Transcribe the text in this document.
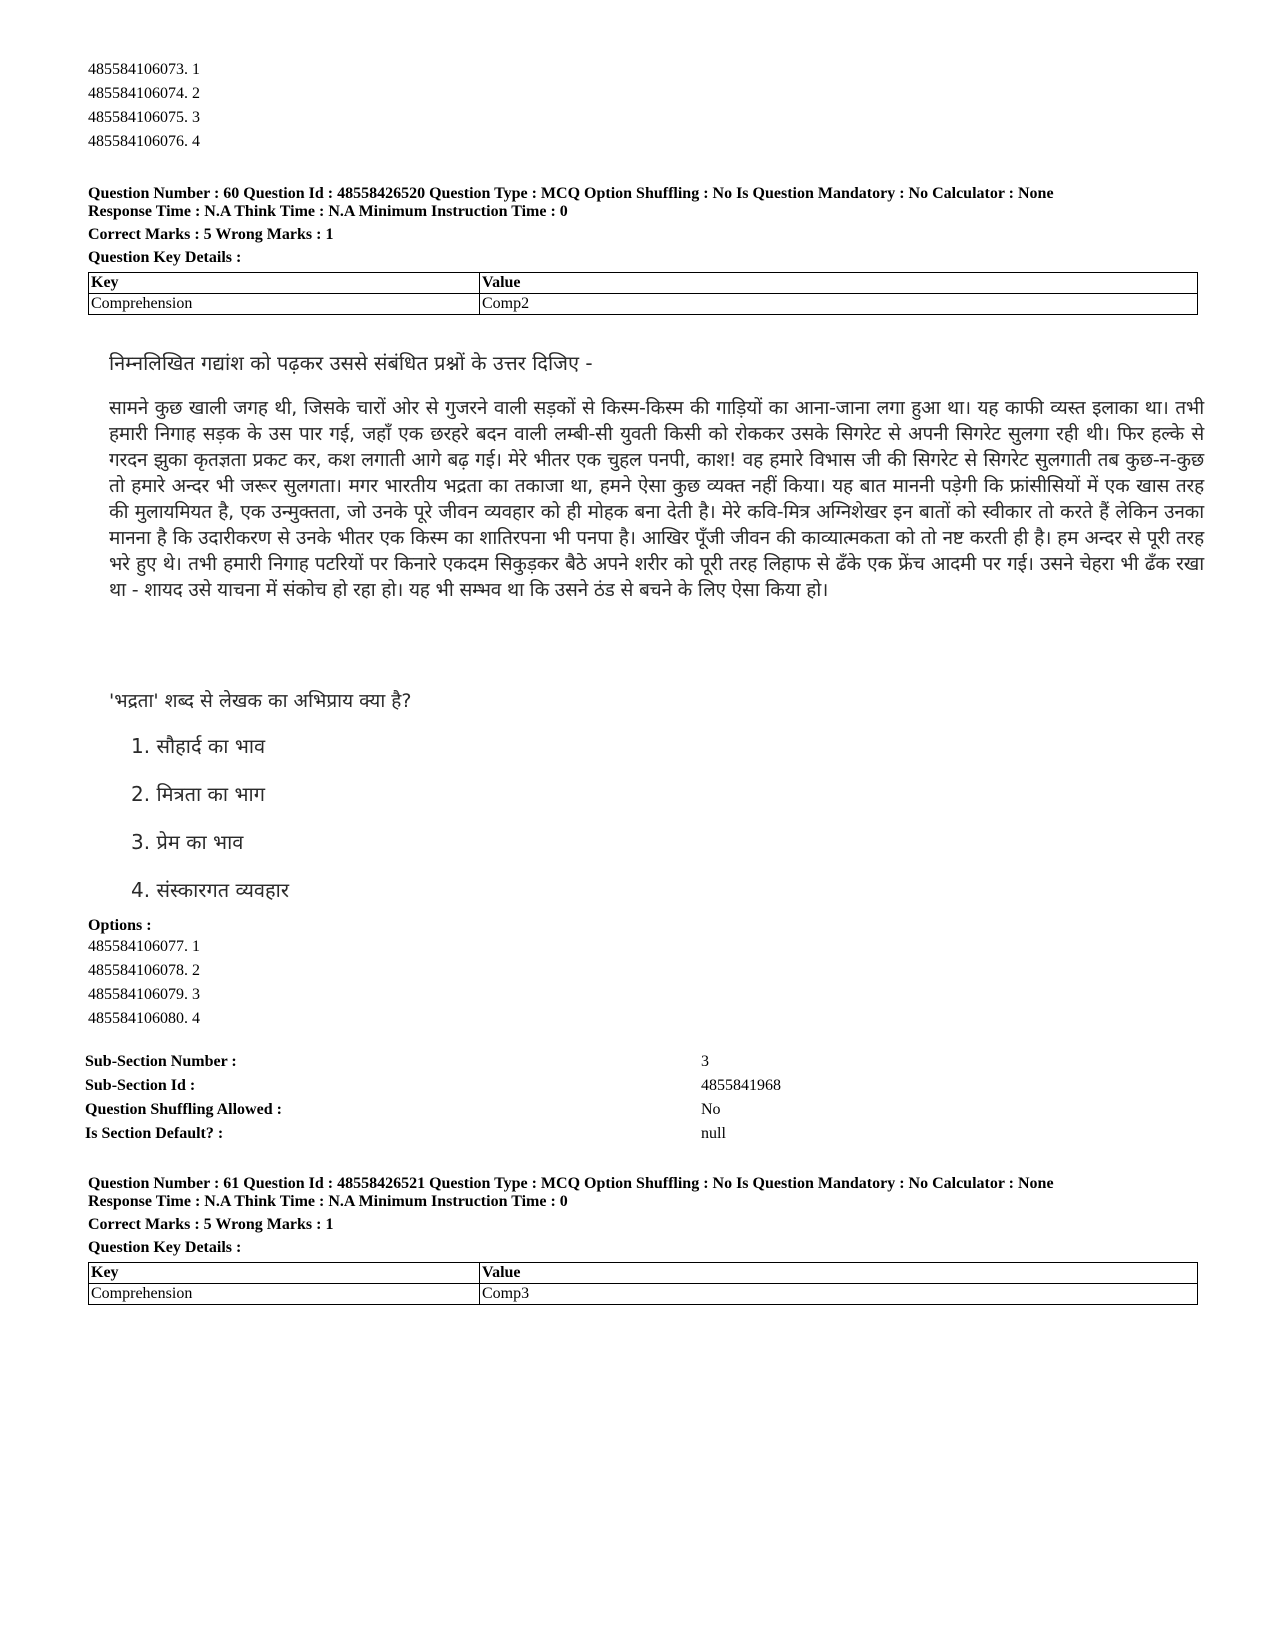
485584106073. 1
485584106074. 2
485584106075. 3
485584106076. 4
Question Number : 60 Question Id : 48558426520 Question Type : MCQ Option Shuffling : No Is Question Mandatory : No Calculator : None
Response Time : N.A Think Time : N.A Minimum Instruction Time : 0
Correct Marks : 5 Wrong Marks : 1
Question Key Details :
Key	Value
Comprehension	Comp2
निम्नलिखित गद्यांश को पढ़कर उससे संबंधित प्रश्नों के उत्तर दिजिए -
सामने कुछ खाली जगह थी, जिसके चारों ओर से गुजरने वाली सड़कों से किस्म-किस्म की गाड़ियों का आना-जाना लगा हुआ था। यह काफी व्यस्त इलाका था। तभी हमारी निगाह सड़क के उस पार गई, जहाँ एक छरहरे बदन वाली लम्बी-सी युवती किसी को रोककर उसके सिगरेट से अपनी सिगरेट सुलगा रही थी। फिर हल्के से गरदन झुका कृतज्ञता प्रकट कर, कश लगाती आगे बढ़ गई। मेरे भीतर एक चुहल पनपी, काश! वह हमारे विभास जी की सिगरेट से सिगरेट सुलगाती तब कुछ-न-कुछ तो हमारे अन्दर भी जरूर सुलगता। मगर भारतीय भद्रता का तकाजा था, हमने ऐसा कुछ व्यक्त नहीं किया। यह बात माननी पड़ेगी कि फ्रांसीसियों में एक खास तरह की मुलायमियत है, एक उन्मुक्तता, जो उनके पूरे जीवन व्यवहार को ही मोहक बना देती है। मेरे कवि-मित्र अग्निशेखर इन बातों को स्वीकार तो करते हैं लेकिन उनका मानना है कि उदारीकरण से उनके भीतर एक किस्म का शातिरपना भी पनपा है। आखिर पूँजी जीवन की काव्यात्मकता को तो नष्ट करती ही है। हम अन्दर से पूरी तरह भरे हुए थे। तभी हमारी निगाह पटरियों पर किनारे एकदम सिकुड़कर बैठे अपने शरीर को पूरी तरह लिहाफ से ढँके एक फ्रेंच आदमी पर गई। उसने चेहरा भी ढँक रखा था - शायद उसे याचना में संकोच हो रहा हो। यह भी सम्भव था कि उसने ठंड से बचने के लिए ऐसा किया हो।
'भद्रता' शब्द से लेखक का अभिप्राय क्या है?
1. सौहार्द का भाव
2. मित्रता का भाग
3. प्रेम का भाव
4. संस्कारगत व्यवहार
Options :
485584106077. 1
485584106078. 2
485584106079. 3
485584106080. 4
Sub-Section Number :	3
Sub-Section Id :	4855841968
Question Shuffling Allowed :	No
Is Section Default? :	null
Question Number : 61 Question Id : 48558426521 Question Type : MCQ Option Shuffling : No Is Question Mandatory : No Calculator : None
Response Time : N.A Think Time : N.A Minimum Instruction Time : 0
Correct Marks : 5 Wrong Marks : 1
Question Key Details :
Key	Value
Comprehension	Comp3
